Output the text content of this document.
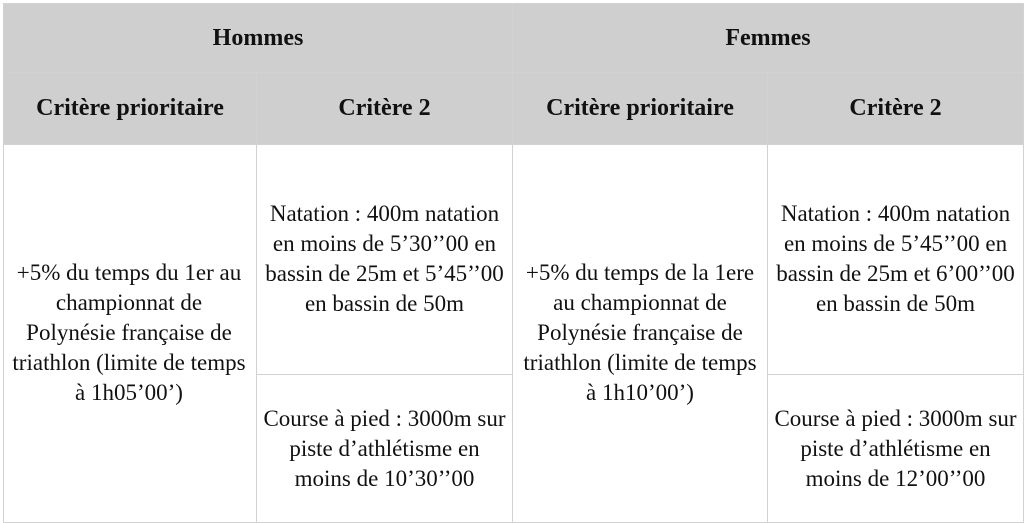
Hommes		Femmes	
Critère prioritaire	Critère 2	Critère prioritaire	Critère 2
+5% du temps du 1er au championnat de Polynésie française de triathlon (limite de temps à 1h05’00’)	Natation : 400m natation en moins de 5’30’’00 en bassin de 25m et 5’45’’00 en bassin de 50m	+5% du temps de la 1ere au championnat de Polynésie française de triathlon (limite de temps à 1h10’00’)	Natation : 400m natation en moins de 5’45’’00 en bassin de 25m et 6’00’’00 en bassin de 50m
	Course à pied : 3000m sur piste d’athlétisme en moins de 10’30’’00		Course à pied : 3000m sur piste d’athlétisme en moins de 12’00’’00
